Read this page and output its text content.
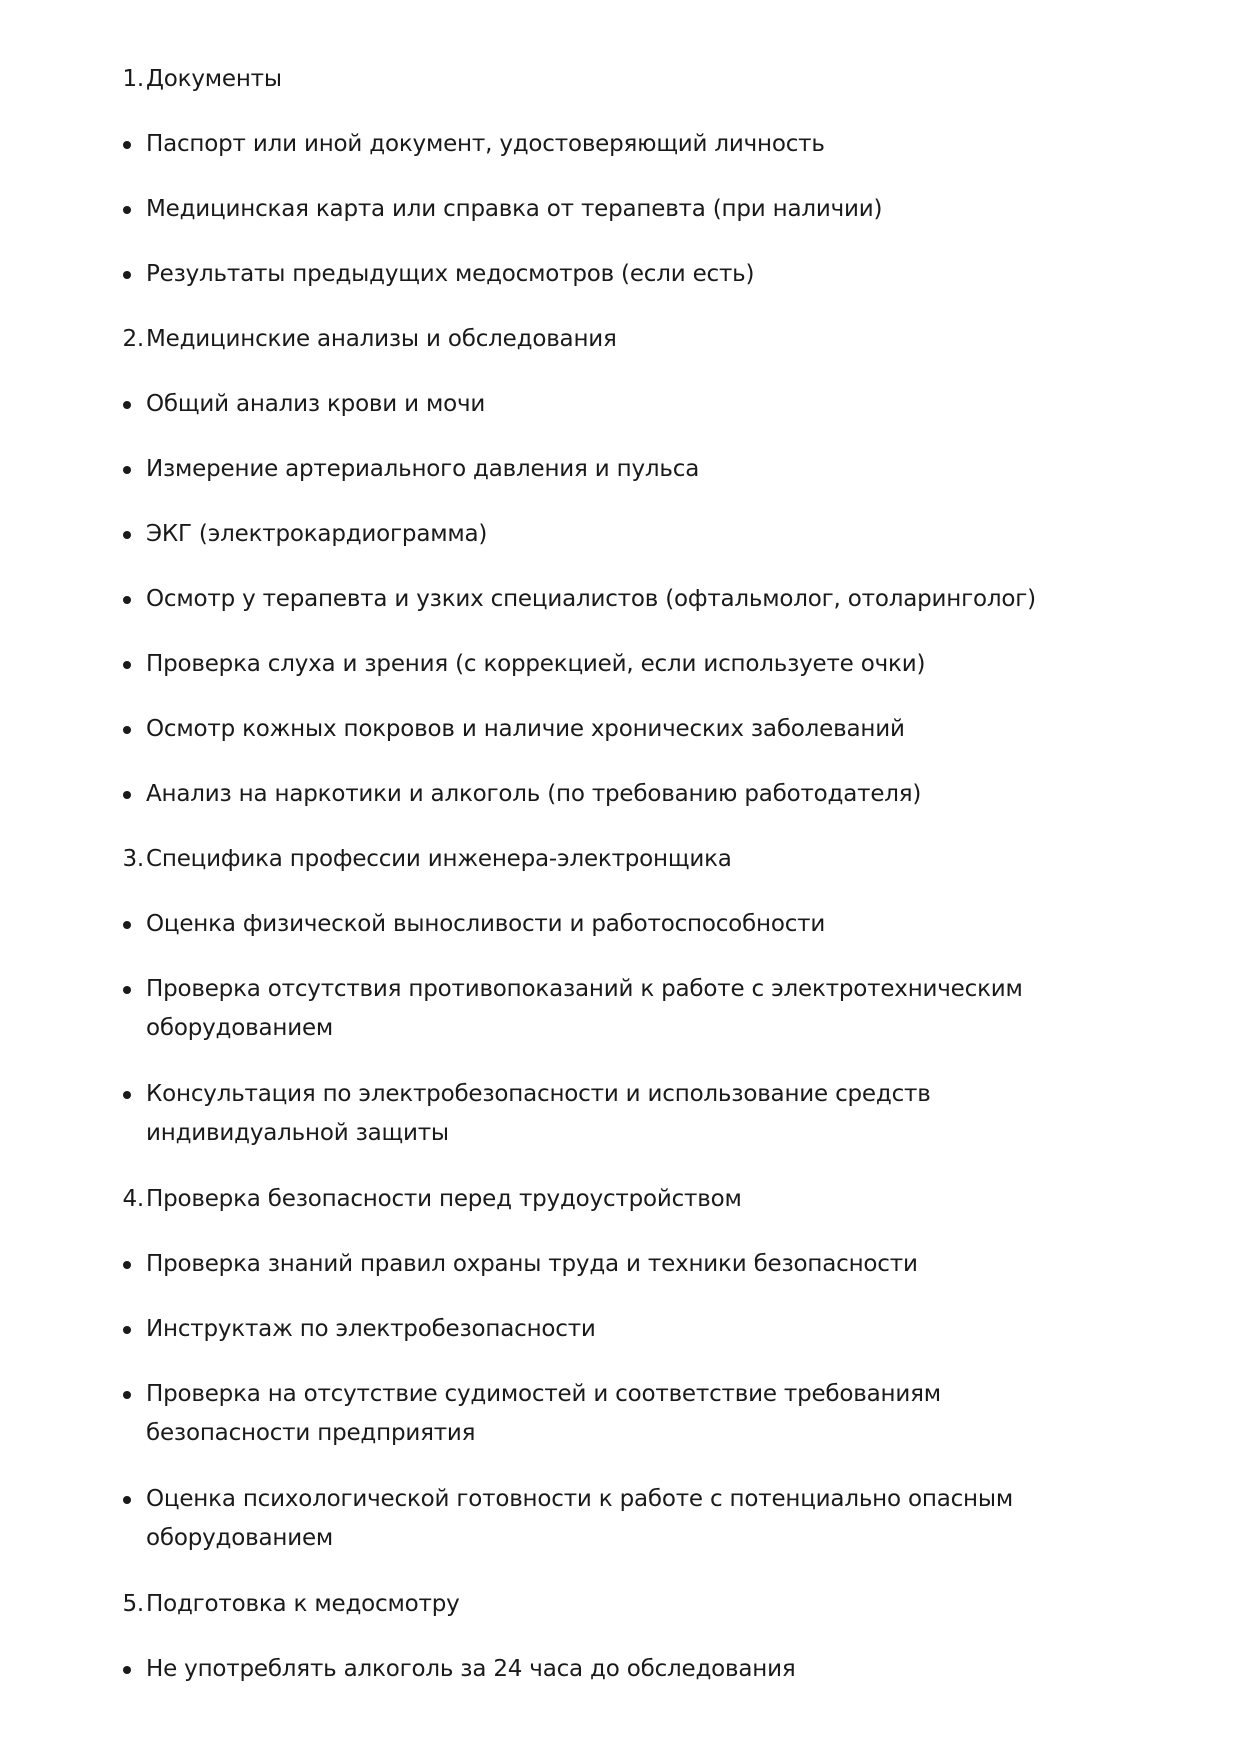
1. Документы
Паспорт или иной документ, удостоверяющий личность
Медицинская карта или справка от терапевта (при наличии)
Результаты предыдущих медосмотров (если есть)
2. Медицинские анализы и обследования
Общий анализ крови и мочи
Измерение артериального давления и пульса
ЭКГ (электрокардиограмма)
Осмотр у терапевта и узких специалистов (офтальмолог, отоларинголог)
Проверка слуха и зрения (с коррекцией, если используете очки)
Осмотр кожных покровов и наличие хронических заболеваний
Анализ на наркотики и алкоголь (по требованию работодателя)
3. Специфика профессии инженера-электронщика
Оценка физической выносливости и работоспособности
Проверка отсутствия противопоказаний к работе с электротехническим оборудованием
Консультация по электробезопасности и использование средств индивидуальной защиты
4. Проверка безопасности перед трудоустройством
Проверка знаний правил охраны труда и техники безопасности
Инструктаж по электробезопасности
Проверка на отсутствие судимостей и соответствие требованиям безопасности предприятия
Оценка психологической готовности к работе с потенциально опасным оборудованием
5. Подготовка к медосмотру
Не употреблять алкоголь за 24 часа до обследования
